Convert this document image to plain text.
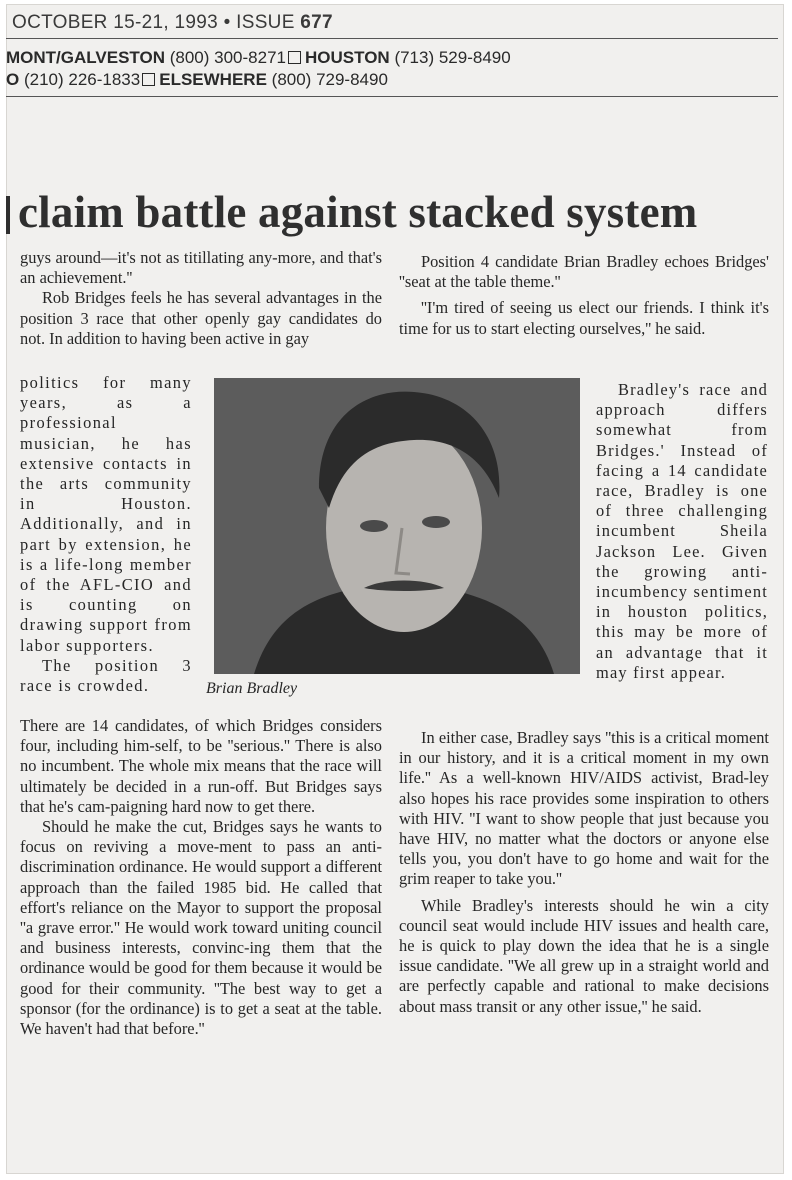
OCTOBER 15-21, 1993 • ISSUE 677
MONT/GALVESTON (800) 300-8271 HOUSTON (713) 529-8490
O (210) 226-1833 ELSEWHERE (800) 729-8490
claim battle against stacked system

guys around—it's not as titillating any-more, and that's an achievement.''

Rob Bridges feels he has several advantages in the position 3 race that other openly gay candidates do not. In addition to having been active in gay

politics for many years, as a professional musician, he has extensive contacts in the arts community in Houston. Additionally, and in part by extension, he is a life-long member of the AFL-CIO and is counting on drawing support from labor supporters.

The position 3 race is crowded.	Brian Bradley

There are 14 candidates, of which Bridges considers four, including him-self, to be ''serious.'' There is also no incumbent. The whole mix means that the race will ultimately be decided in a run-off. But Bridges says that he's cam-paigning hard now to get there.

Should he make the cut, Bridges says he wants to focus on reviving a move-ment to pass an anti-discrimination ordinance. He would support a different approach than the failed 1985 bid. He called that effort's reliance on the Mayor to support the proposal ''a grave error.'' He would work toward uniting council and business interests, convinc-ing them that the ordinance would be good for them because it would be good for their community. ''The best way to get a sponsor (for the ordinance) is to get a seat at the table. We haven't had that before.''

Position 4 candidate Brian Bradley echoes Bridges' ''seat at the table theme.''

''I'm tired of seeing us elect our friends. I think it's time for us to start electing ourselves,'' he said.

Bradley's race and approach differs somewhat from Bridges.' Instead of facing a 14 candidate race, Bradley is one of three challenging incumbent Sheila Jackson Lee. Given the growing anti-incumbency sentiment in houston politics, this may be more of an advantage that it may first appear.

In either case, Bradley says ''this is a critical moment in our history, and it is a critical moment in my own life.'' As a well-known HIV/AIDS activist, Brad-ley also hopes his race provides some inspiration to others with HIV. ''I want to show people that just because you have HIV, no matter what the doctors or anyone else tells you, you don't have to go home and wait for the grim reaper to take you.''

While Bradley's interests should he win a city council seat would include HIV issues and health care, he is quick to play down the idea that he is a single issue candidate. ''We all grew up in a straight world and are perfectly capable and rational to make decisions about mass transit or any other issue,'' he said.
